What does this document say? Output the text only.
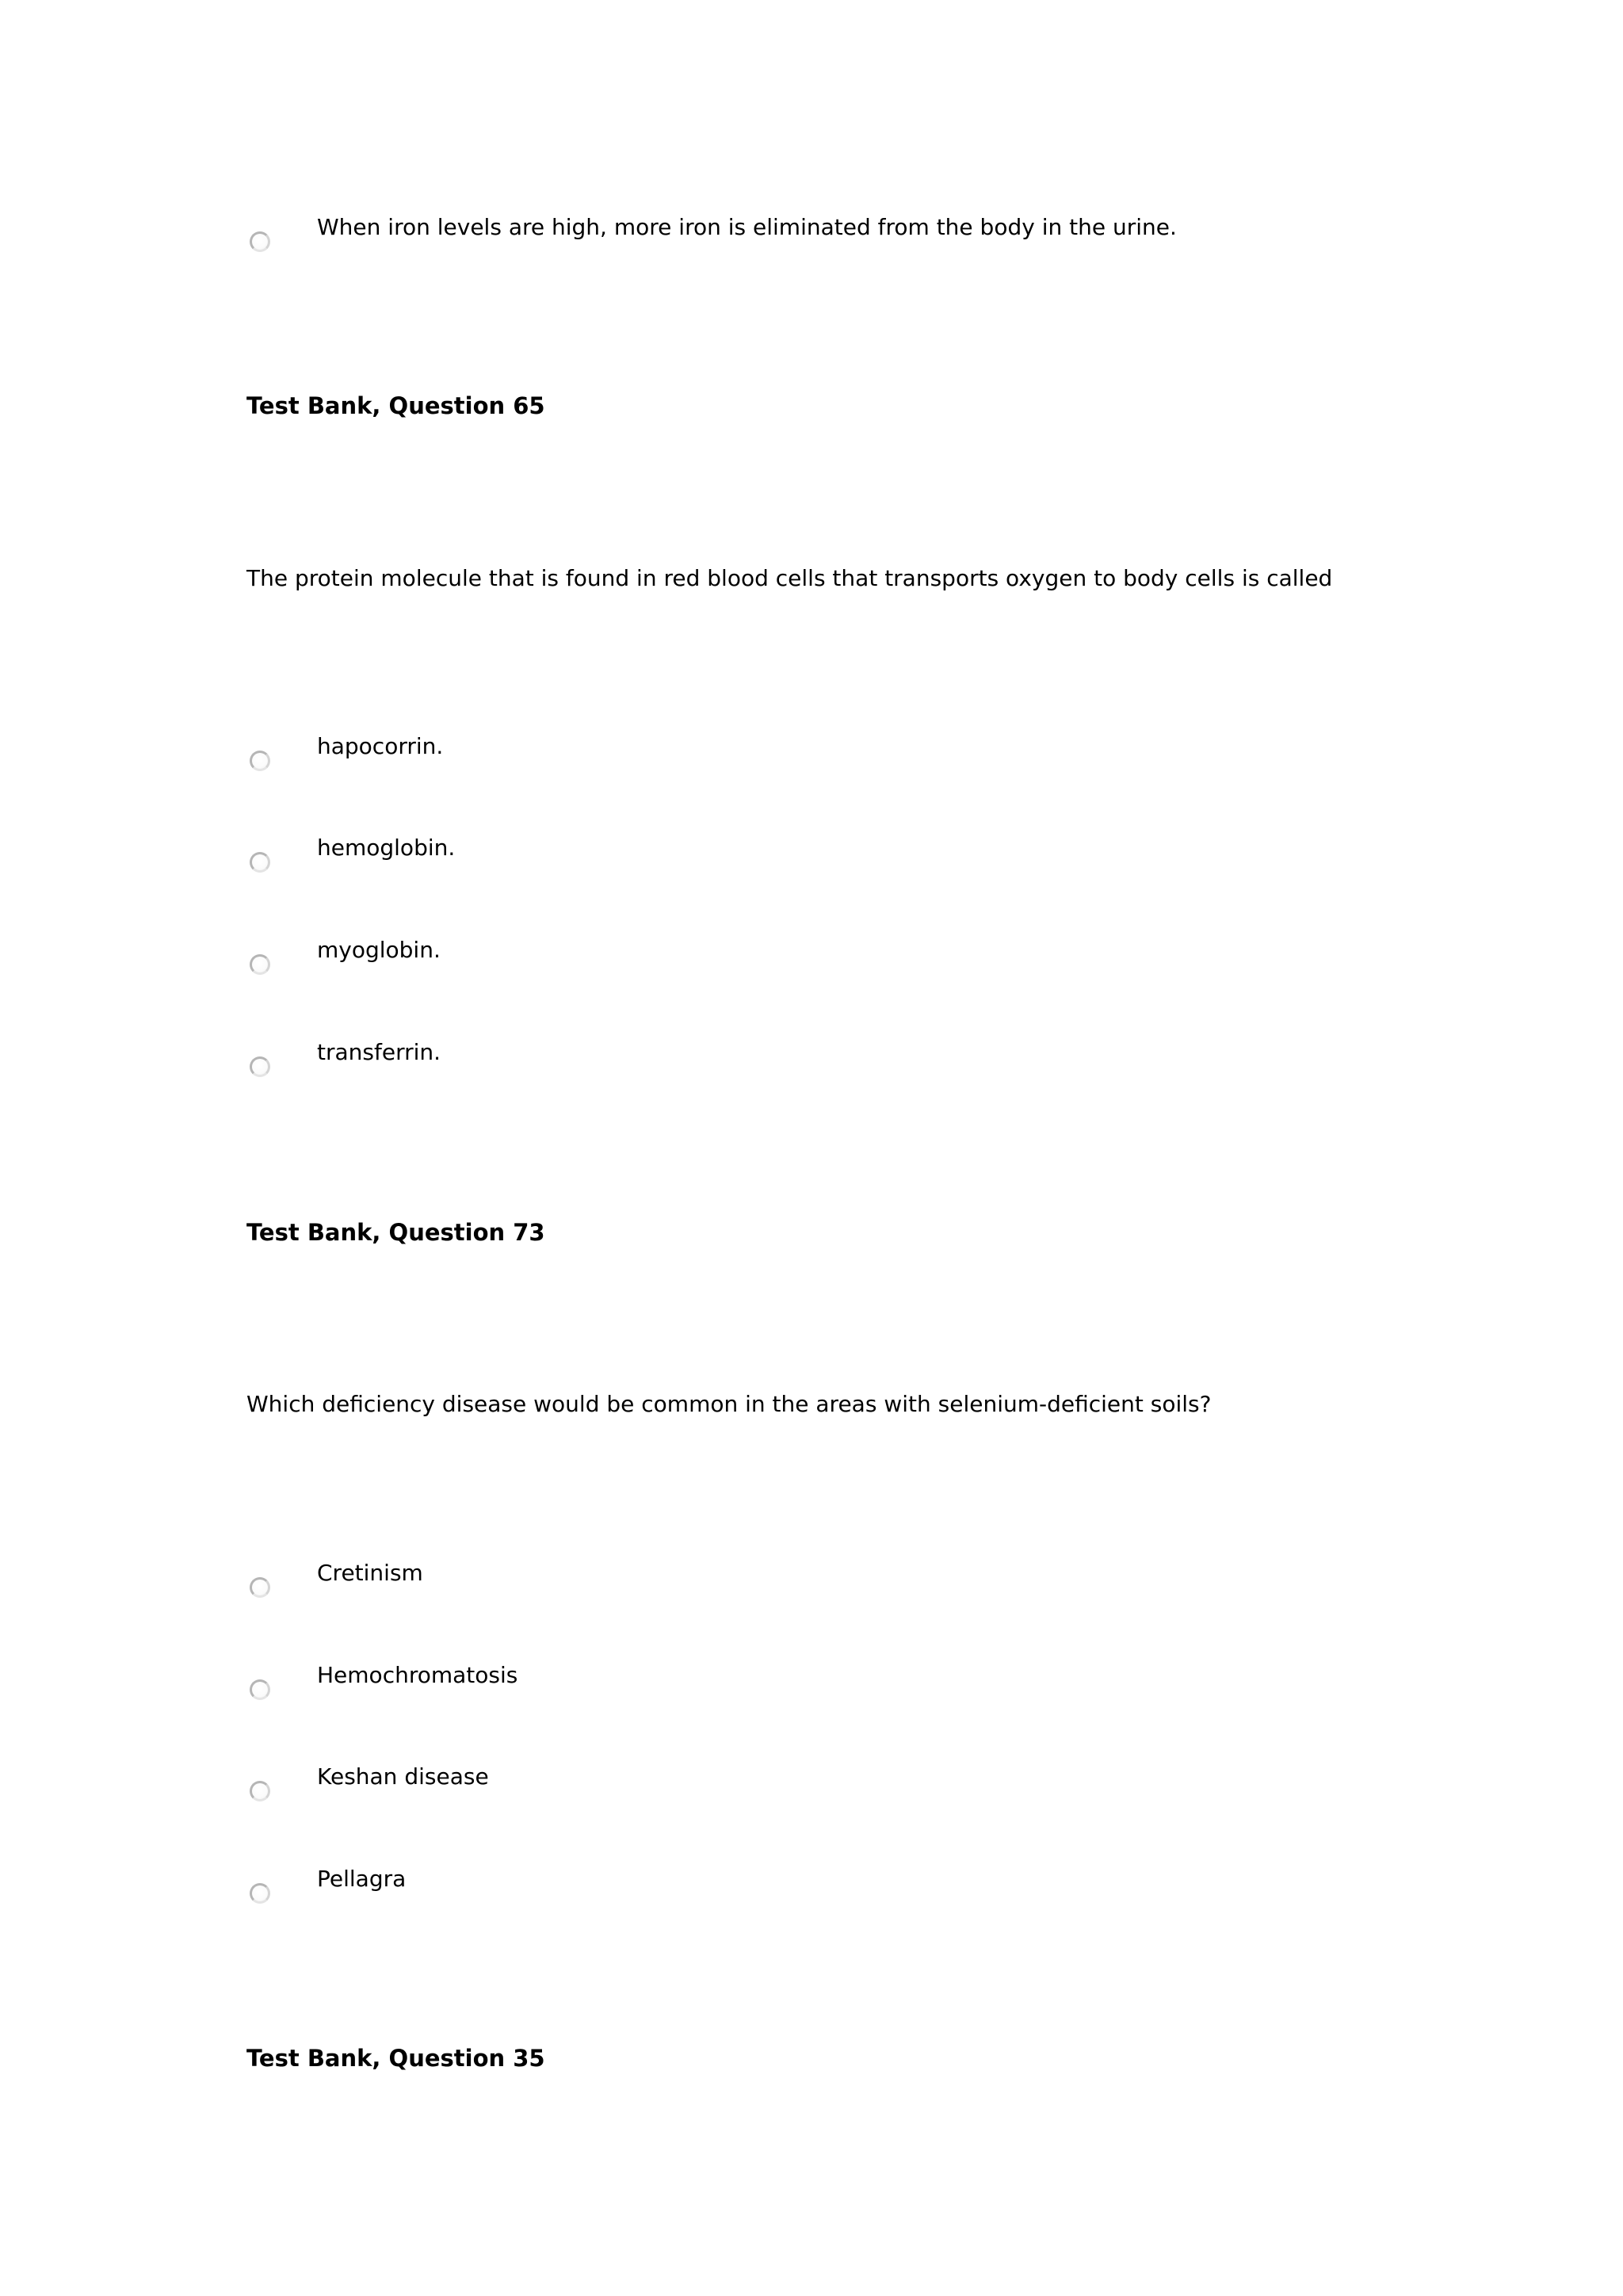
When iron levels are high, more iron is eliminated from the body in the urine.
Test Bank, Question 65
The protein molecule that is found in red blood cells that transports oxygen to body cells is called
hapocorrin.
hemoglobin.
myoglobin.
transferrin.
Test Bank, Question 73
Which deficiency disease would be common in the areas with selenium-deficient soils?
Cretinism
Hemochromatosis
Keshan disease
Pellagra
Test Bank, Question 35
